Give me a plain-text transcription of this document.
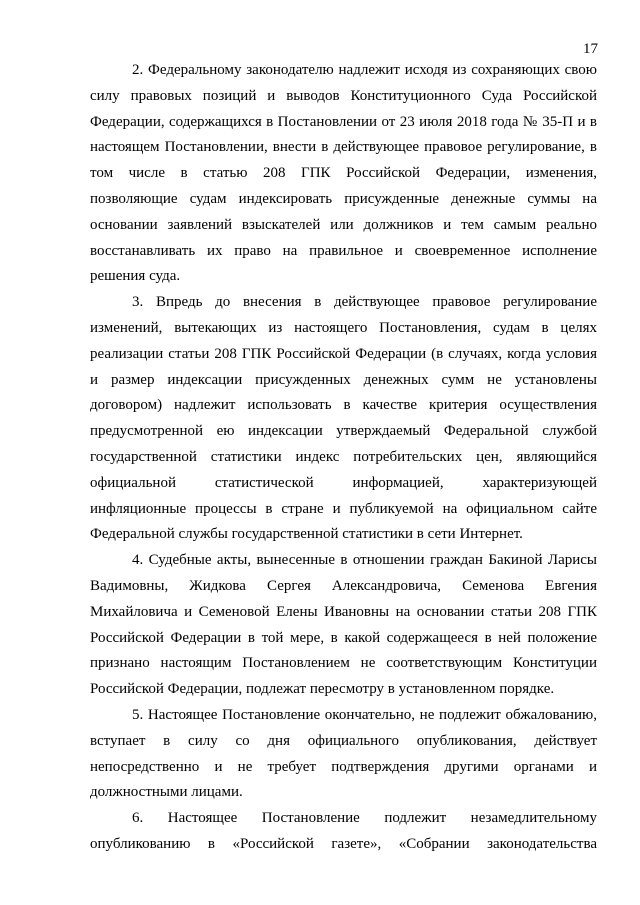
17
2. Федеральному законодателю надлежит исходя из сохраняющих свою
силу правовых позиций и выводов Конституционного Суда Российской
Федерации, содержащихся в Постановлении от 23 июля 2018 года № 35-П и в
настоящем Постановлении, внести в действующее правовое регулирование, в
том числе в статью 208 ГПК Российской Федерации, изменения,
позволяющие судам индексировать присужденные денежные суммы на
основании заявлений взыскателей или должников и тем самым реально
восстанавливать их право на правильное и своевременное исполнение
решения суда.
3. Впредь до внесения в действующее правовое регулирование
изменений, вытекающих из настоящего Постановления, судам в целях
реализации статьи 208 ГПК Российской Федерации (в случаях, когда условия
и размер индексации присужденных денежных сумм не установлены
договором) надлежит использовать в качестве критерия осуществления
предусмотренной ею индексации утверждаемый Федеральной службой
государственной статистики индекс потребительских цен, являющийся
официальной статистической информацией, характеризующей
инфляционные процессы в стране и публикуемой на официальном сайте
Федеральной службы государственной статистики в сети Интернет.
4. Судебные акты, вынесенные в отношении граждан Бакиной Ларисы
Вадимовны, Жидкова Сергея Александровича, Семенова Евгения
Михайловича и Семеновой Елены Ивановны на основании статьи 208 ГПК
Российской Федерации в той мере, в какой содержащееся в ней положение
признано настоящим Постановлением не соответствующим Конституции
Российской Федерации, подлежат пересмотру в установленном порядке.
5. Настоящее Постановление окончательно, не подлежит обжалованию,
вступает в силу со дня официального опубликования, действует
непосредственно и не требует подтверждения другими органами и
должностными лицами.
6. Настоящее Постановление подлежит незамедлительному
опубликованию в «Российской газете», «Собрании законодательства
